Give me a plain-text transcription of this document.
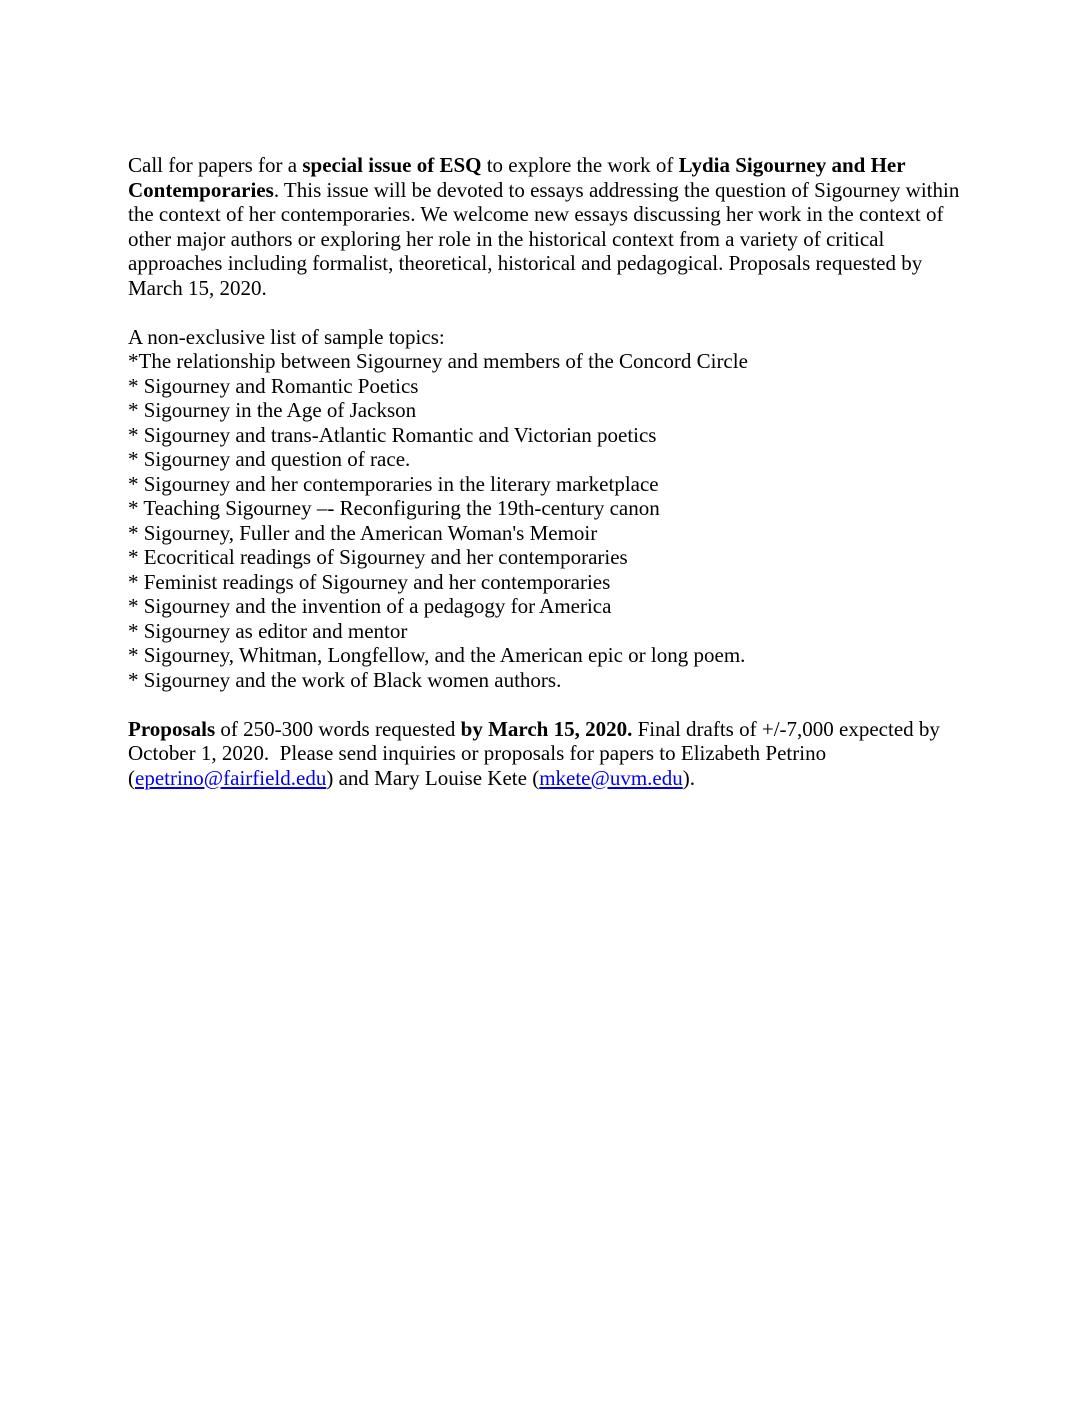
Call for papers for a special issue of ESQ to explore the work of Lydia Sigourney and Her Contemporaries. This issue will be devoted to essays addressing the question of Sigourney within the context of her contemporaries. We welcome new essays discussing her work in the context of other major authors or exploring her role in the historical context from a variety of critical approaches including formalist, theoretical, historical and pedagogical. Proposals requested by March 15, 2020.

A non-exclusive list of sample topics:

*The relationship between Sigourney and members of the Concord Circle

* Sigourney and Romantic Poetics

* Sigourney in the Age of Jackson

* Sigourney and trans-Atlantic Romantic and Victorian poetics

* Sigourney and question of race.

* Sigourney and her contemporaries in the literary marketplace

* Teaching Sigourney –- Reconfiguring the 19th-century canon

* Sigourney, Fuller and the American Woman's Memoir

* Ecocritical readings of Sigourney and her contemporaries

* Feminist readings of Sigourney and her contemporaries

* Sigourney and the invention of a pedagogy for America

* Sigourney as editor and mentor

* Sigourney, Whitman, Longfellow, and the American epic or long poem.

* Sigourney and the work of Black women authors.

Proposals of 250-300 words requested by March 15, 2020. Final drafts of +/-7,000 expected by October 1, 2020.  Please send inquiries or proposals for papers to Elizabeth Petrino (epetrino@fairfield.edu) and Mary Louise Kete (mkete@uvm.edu).
